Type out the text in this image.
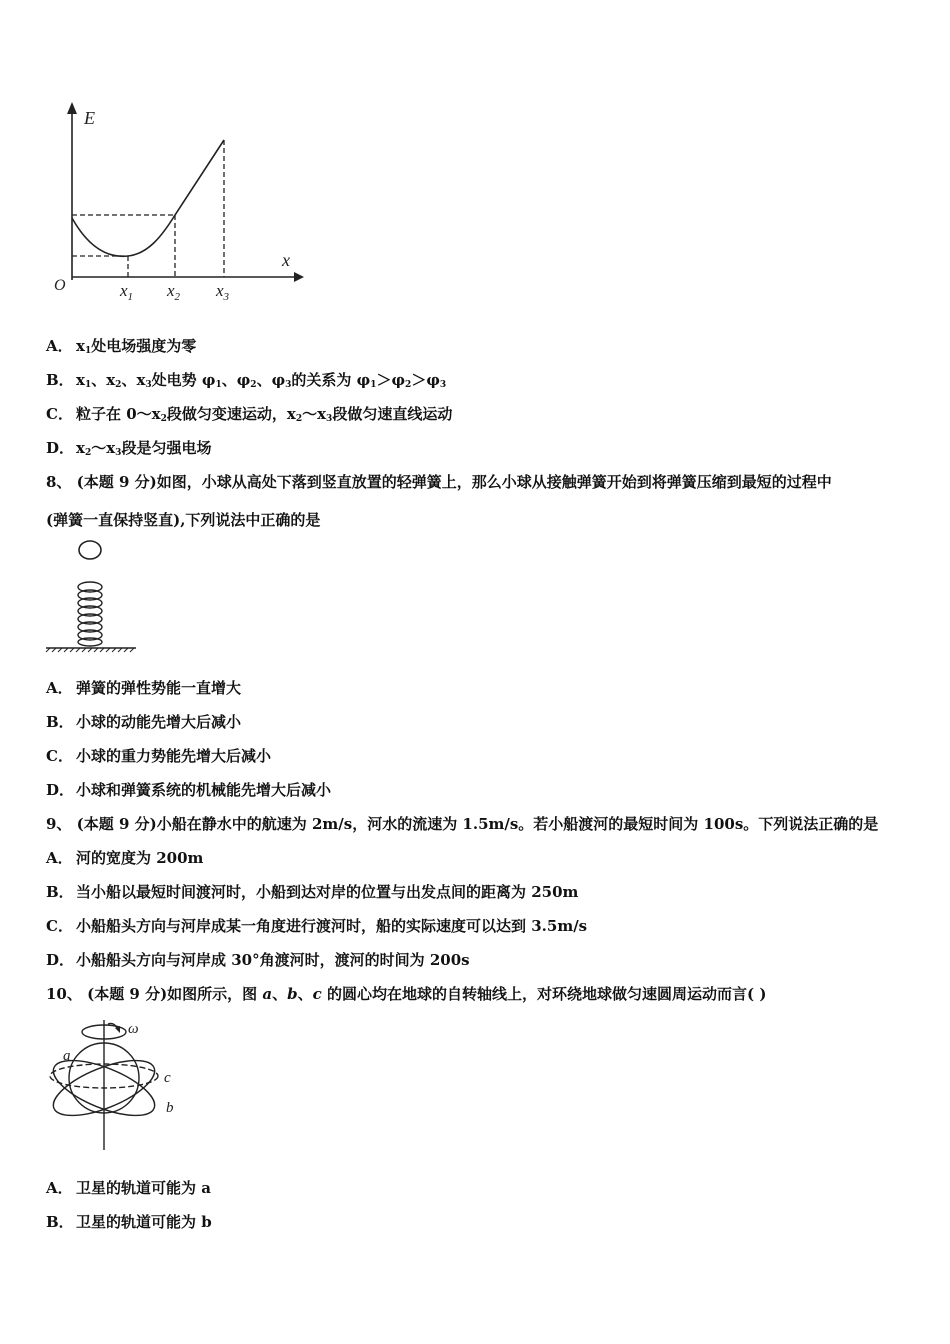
E
x
O	$x_1$ $x_2$ $x_3$

A． $x_1$处电场强度为零

B． $x_1$、$x_2$、$x_3$处电势 $\varphi_1$、$\varphi_2$、$\varphi_3$的关系为 $\varphi_1>\varphi_2>\varphi_3$

C． 粒子在 $0\sim x_2$段做匀变速运动，$x_2\sim x_3$段做匀速直线运动

D． $x_2\sim x_3$段是匀强电场

8、 (本题 9 分)如图，小球从高处下落到竖直放置的轻弹簧上，那么小球从接触弹簧开始到将弹簧压缩到最短的过程中

(弹簧一直保持竖直),下列说法中正确的是

A． 弹簧的弹性势能一直增大

B． 小球的动能先增大后减小

C． 小球的重力势能先增大后减小

D． 小球和弹簧系统的机械能先增大后减小

9、 (本题 9 分)小船在静水中的航速为 2m/s，河水的流速为 1.5m/s。若小船渡河的最短时间为 100s。下列说法正确的是

A． 河的宽度为 200m

B． 当小船以最短时间渡河时，小船到达对岸的位置与出发点间的距离为 250m

C． 小船船头方向与河岸成某一角度进行渡河时，船的实际速度可以达到 3.5m/s

D． 小船船头方向与河岸成 30°角渡河时，渡河的时间为 200s

10、 (本题 9 分)如图所示，图 a、b、c 的圆心均在地球的自转轴线上，对环绕地球做匀速圆周运动而言( )

ω
a
c
b

A． 卫星的轨道可能为 a

B． 卫星的轨道可能为 b
